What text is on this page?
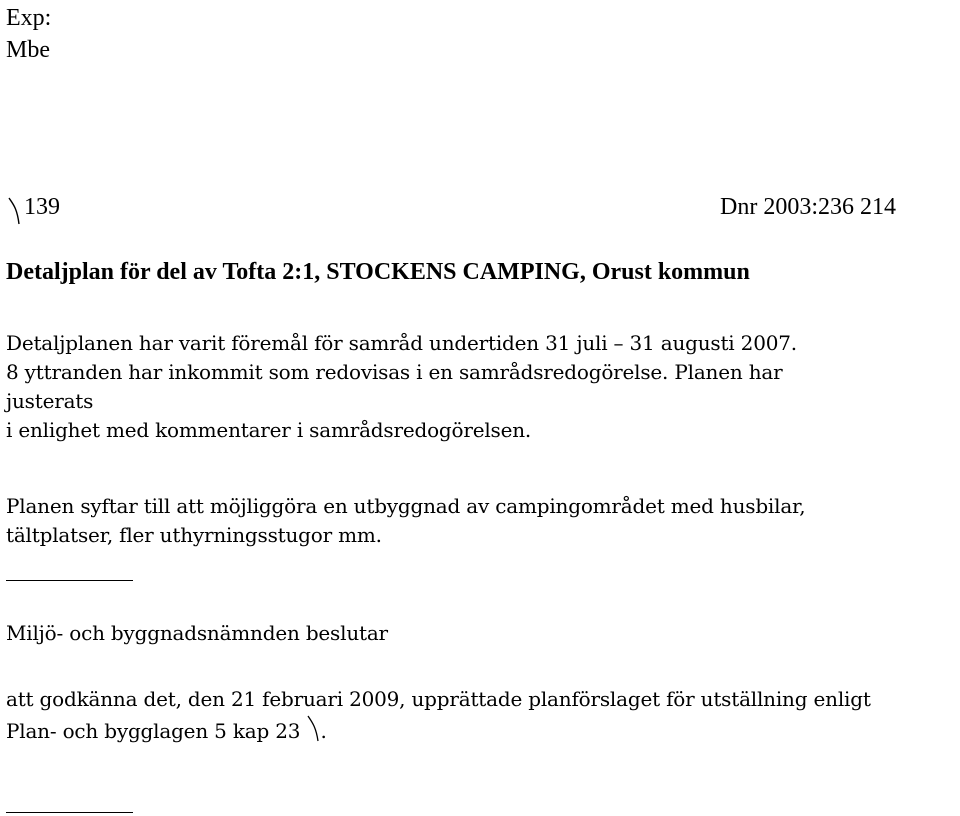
Exp:
Mbe
139	Dnr 2003:236 214
Detaljplan för del av Tofta 2:1, STOCKENS CAMPING, Orust kommun
Detaljplanen har varit föremål för samråd undertiden 31 juli – 31 augusti 2007.
8 yttranden har inkommit som redovisas i en samrådsredogörelse. Planen har
justerats
i enlighet med kommentarer i samrådsredogörelsen.
Planen syftar till att möjliggöra en utbyggnad av campingområdet med husbilar,
tältplatser, fler uthyrningsstugor mm.
Miljö- och byggnadsnämnden beslutar
att godkänna det, den 21 februari 2009, upprättade planförslaget för utställning enligt
Plan- och bygglagen 5 kap 23 .
